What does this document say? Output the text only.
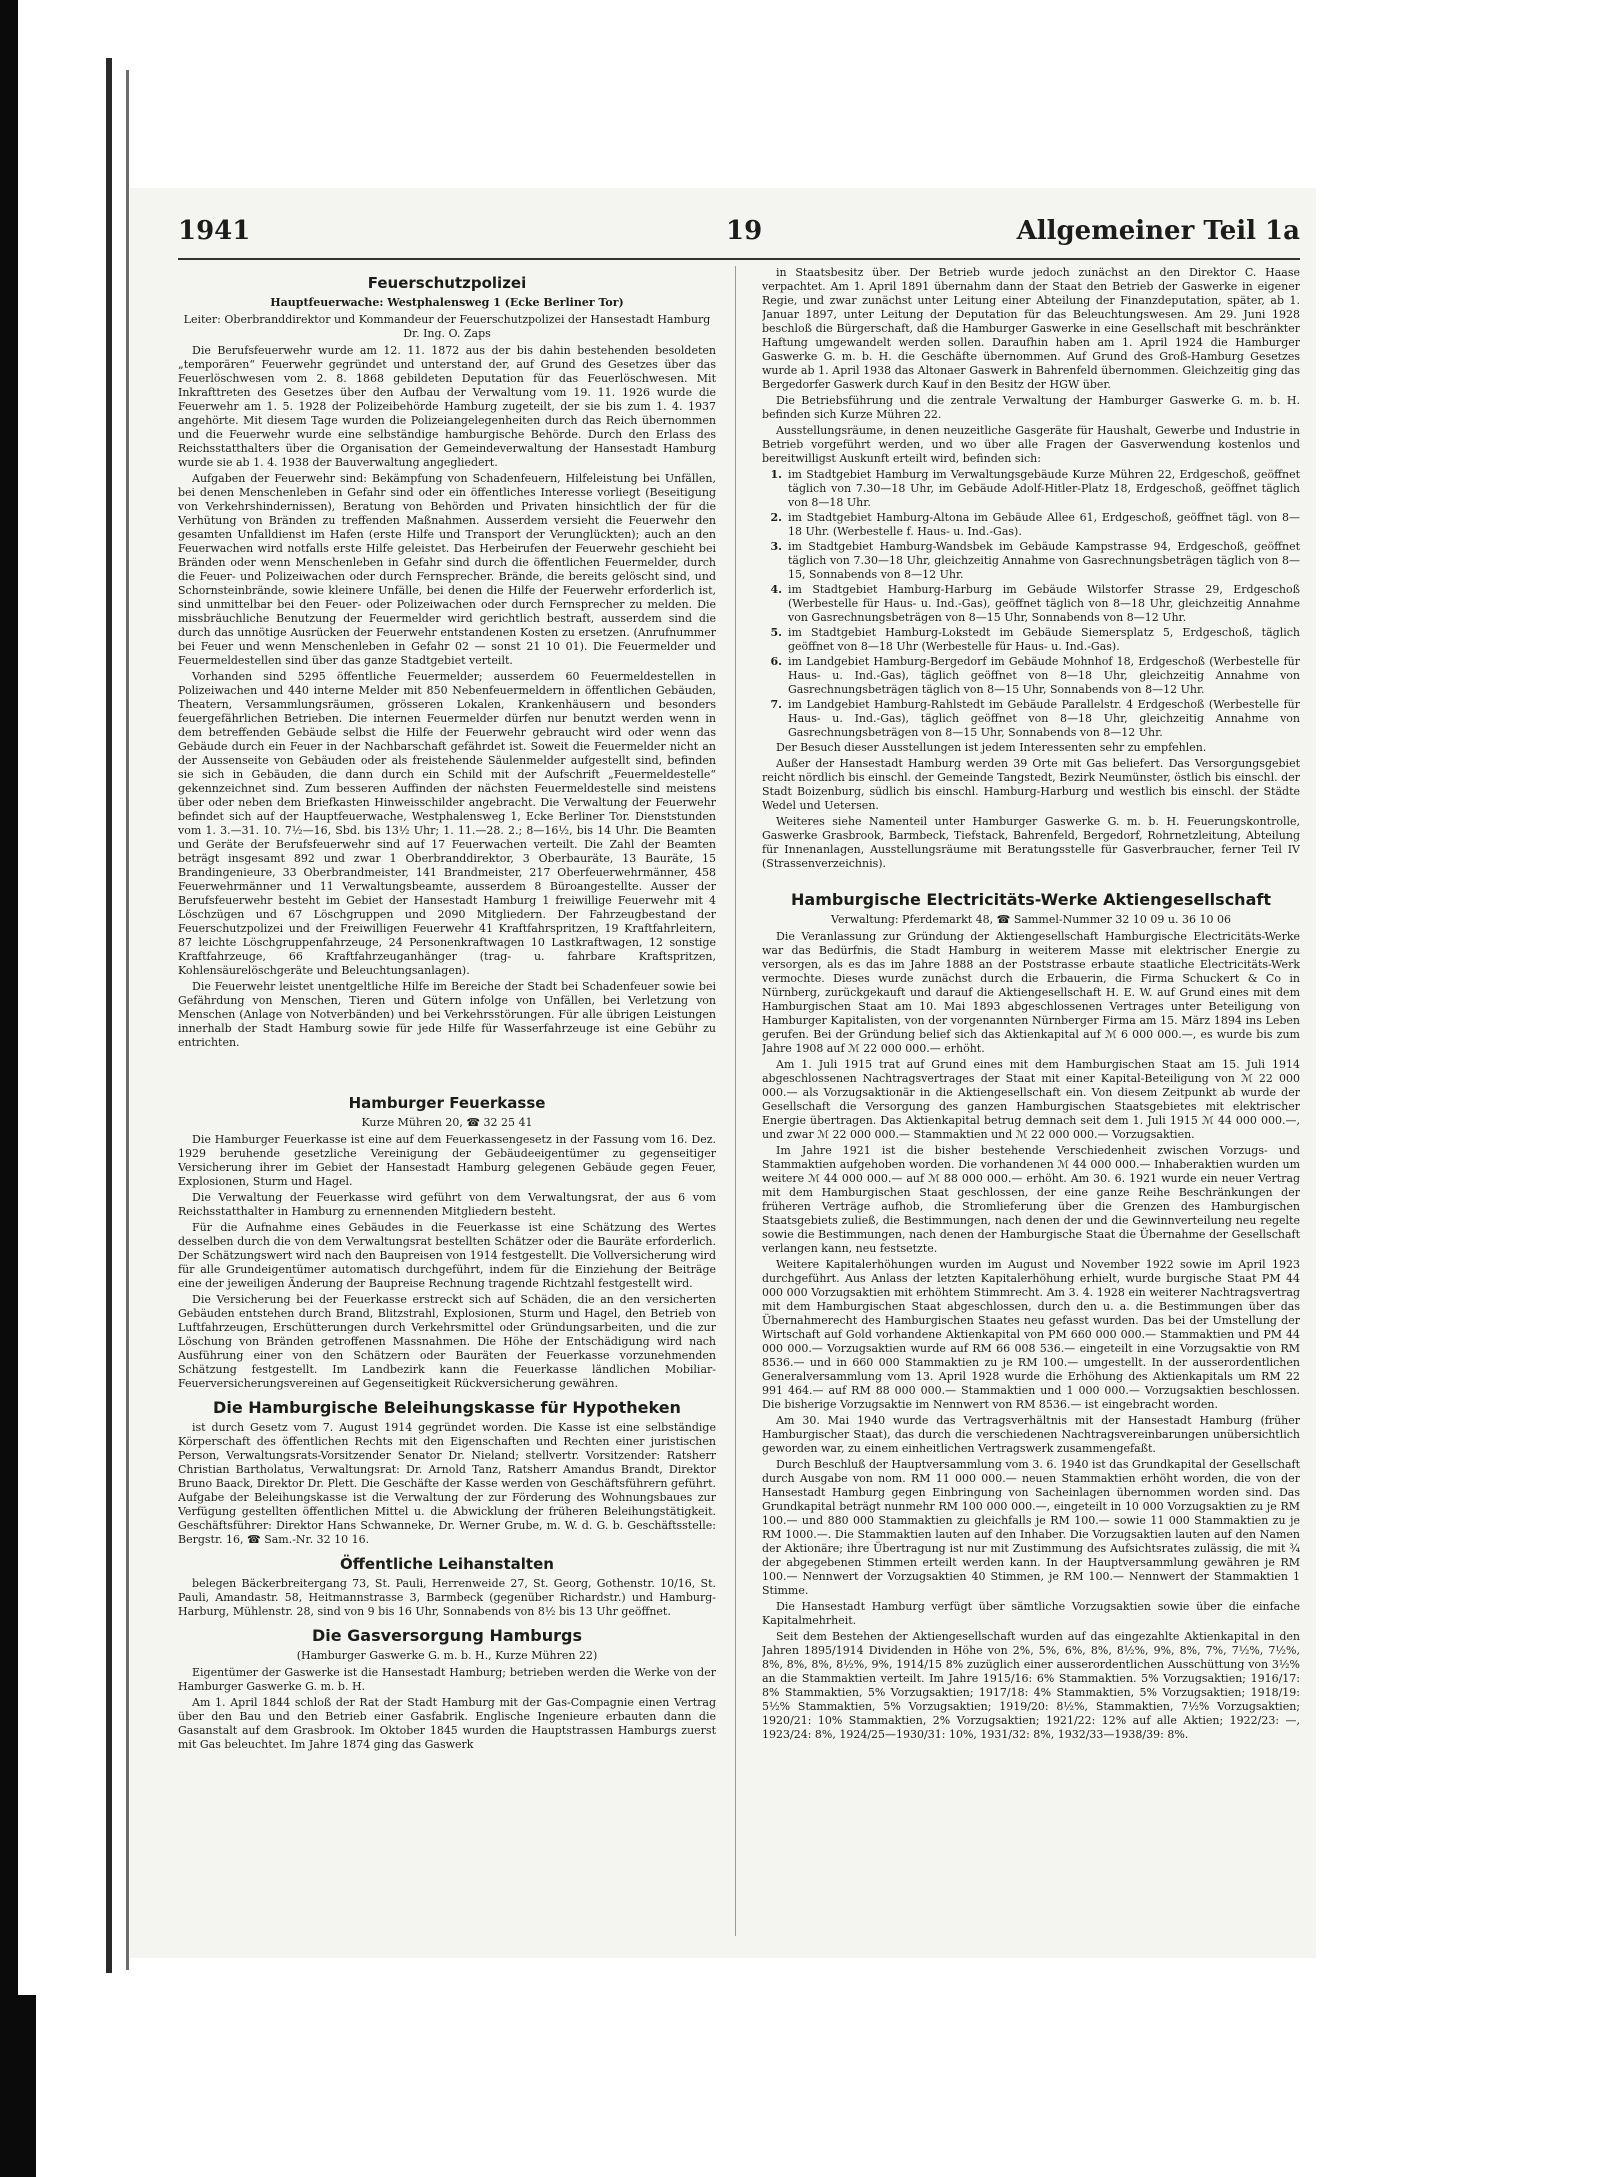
1941	19	Allgemeiner Teil 1a
Feuerschutzpolizei
Hauptfeuerwache: Westphalensweg 1 (Ecke Berliner Tor)
Leiter: Oberbranddirektor und Kommandeur der Feuerschutzpolizei der Hansestadt Hamburg Dr. Ing. O. Zaps

Die Berufsfeuerwehr wurde am 12. 11. 1872 aus der bis dahin bestehenden besoldeten „temporären“ Feuerwehr gegründet und unterstand der, auf Grund des Gesetzes über das Feuerlöschwesen vom 2. 8. 1868 gebildeten Deputation für das Feuerlöschwesen. Mit Inkrafttreten des Gesetzes über den Aufbau der Verwaltung vom 19. 11. 1926 wurde die Feuerwehr am 1. 5. 1928 der Polizeibehörde Hamburg zugeteilt, der sie bis zum 1. 4. 1937 angehörte. Mit diesem Tage wurden die Polizeiangelegenheiten durch das Reich übernommen und die Feuerwehr wurde eine selbständige hamburgische Behörde. Durch den Erlass des Reichsstatthalters über die Organisation der Gemeindeverwaltung der Hansestadt Hamburg wurde sie ab 1. 4. 1938 der Bauverwaltung angegliedert.

Aufgaben der Feuerwehr sind: Bekämpfung von Schadenfeuern, Hilfeleistung bei Unfällen, bei denen Menschenleben in Gefahr sind oder ein öffentliches Interesse vorliegt (Beseitigung von Verkehrshindernissen), Beratung von Behörden und Privaten hinsichtlich der für die Verhütung von Bränden zu treffenden Maßnahmen. Ausserdem versieht die Feuerwehr den gesamten Unfalldienst im Hafen (erste Hilfe und Transport der Verunglückten); auch an den Feuerwachen wird notfalls erste Hilfe geleistet. Das Herbeirufen der Feuerwehr geschieht bei Bränden oder wenn Menschenleben in Gefahr sind durch die öffentlichen Feuermelder, durch die Feuer- und Polizeiwachen oder durch Fernsprecher. Brände, die bereits gelöscht sind, und Schornsteinbrände, sowie kleinere Unfälle, bei denen die Hilfe der Feuerwehr erforderlich ist, sind unmittelbar bei den Feuer- oder Polizeiwachen oder durch Fernsprecher zu melden. Die missbräuchliche Benutzung der Feuermelder wird gerichtlich bestraft, ausserdem sind die durch das unnötige Ausrücken der Feuerwehr entstandenen Kosten zu ersetzen. (Anrufnummer bei Feuer und wenn Menschenleben in Gefahr 02 — sonst 21 10 01). Die Feuermelder und Feuermeldestellen sind über das ganze Stadtgebiet verteilt.

Vorhanden sind 5295 öffentliche Feuermelder; ausserdem 60 Feuermeldestellen in Polizeiwachen und 440 interne Melder mit 850 Nebenfeuermeldern in öffentlichen Gebäuden, Theatern, Versammlungsräumen, grösseren Lokalen, Krankenhäusern und besonders feuergefährlichen Betrieben. Die internen Feuermelder dürfen nur benutzt werden wenn in dem betreffenden Gebäude selbst die Hilfe der Feuerwehr gebraucht wird oder wenn das Gebäude durch ein Feuer in der Nachbarschaft gefährdet ist. Soweit die Feuermelder nicht an der Aussenseite von Gebäuden oder als freistehende Säulenmelder aufgestellt sind, befinden sie sich in Gebäuden, die dann durch ein Schild mit der Aufschrift „Feuermeldestelle“ gekennzeichnet sind. Zum besseren Auffinden der nächsten Feuermeldestelle sind meistens über oder neben dem Briefkasten Hinweisschilder angebracht. Die Verwaltung der Feuerwehr befindet sich auf der Hauptfeuerwache, Westphalensweg 1, Ecke Berliner Tor. Dienststunden vom 1. 3.—31. 10. 7½—16, Sbd. bis 13½ Uhr; 1. 11.—28. 2.; 8—16½, bis 14 Uhr. Die Beamten und Geräte der Berufsfeuerwehr sind auf 17 Feuerwachen verteilt. Die Zahl der Beamten beträgt insgesamt 892 und zwar 1 Oberbranddirektor, 3 Oberbauräte, 13 Bauräte, 15 Brandingenieure, 33 Oberbrandmeister, 141 Brandmeister, 217 Oberfeuerwehrmänner, 458 Feuerwehrmänner und 11 Verwaltungsbeamte, ausserdem 8 Büroangestellte. Ausser der Berufsfeuerwehr besteht im Gebiet der Hansestadt Hamburg 1 freiwillige Feuerwehr mit 4 Löschzügen und 67 Löschgruppen und 2090 Mitgliedern. Der Fahrzeugbestand der Feuerschutzpolizei und der Freiwilligen Feuerwehr 41 Kraftfahrspritzen, 19 Kraftfahrleitern, 87 leichte Löschgruppenfahrzeuge, 24 Personenkraftwagen 10 Lastkraftwagen, 12 sonstige Kraftfahrzeuge, 66 Kraftfahrzeuganhänger (trag- u. fahrbare Kraftspritzen, Kohlensäurelöschgeräte und Beleuchtungsanlagen).

Die Feuerwehr leistet unentgeltliche Hilfe im Bereiche der Stadt bei Schadenfeuer sowie bei Gefährdung von Menschen, Tieren und Gütern infolge von Unfällen, bei Verletzung von Menschen (Anlage von Notverbänden) und bei Verkehrsstörungen. Für alle übrigen Leistungen innerhalb der Stadt Hamburg sowie für jede Hilfe für Wasserfahrzeuge ist eine Gebühr zu entrichten.

Hamburger Feuerkasse
Kurze Mühren 20, ☎ 32 25 41

Die Hamburger Feuerkasse ist eine auf dem Feuerkassengesetz in der Fassung vom 16. Dez. 1929 beruhende gesetzliche Vereinigung der Gebäudeeigentümer zu gegenseitiger Versicherung ihrer im Gebiet der Hansestadt Hamburg gelegenen Gebäude gegen Feuer, Explosionen, Sturm und Hagel.

Die Verwaltung der Feuerkasse wird geführt von dem Verwaltungsrat, der aus 6 vom Reichsstatthalter in Hamburg zu ernennenden Mitgliedern besteht.

Für die Aufnahme eines Gebäudes in die Feuerkasse ist eine Schätzung des Wertes desselben durch die von dem Verwaltungsrat bestellten Schätzer oder die Bauräte erforderlich. Der Schätzungswert wird nach den Baupreisen von 1914 festgestellt. Die Vollversicherung wird für alle Grundeigentümer automatisch durchgeführt, indem für die Einziehung der Beiträge eine der jeweiligen Änderung der Baupreise Rechnung tragende Richtzahl festgestellt wird.

Die Versicherung bei der Feuerkasse erstreckt sich auf Schäden, die an den versicherten Gebäuden entstehen durch Brand, Blitzstrahl, Explosionen, Sturm und Hagel, den Betrieb von Luftfahrzeugen, Erschütterungen durch Verkehrsmittel oder Gründungsarbeiten, und die zur Löschung von Bränden getroffenen Massnahmen. Die Höhe der Entschädigung wird nach Ausführung einer von den Schätzern oder Bauräten der Feuerkasse vorzunehmenden Schätzung festgestellt. Im Landbezirk kann die Feuerkasse ländlichen Mobiliar-Feuerversicherungsvereinen auf Gegenseitigkeit Rückversicherung gewähren.

Die Hamburgische Beleihungskasse für Hypotheken

ist durch Gesetz vom 7. August 1914 gegründet worden. Die Kasse ist eine selbständige Körperschaft des öffentlichen Rechts mit den Eigenschaften und Rechten einer juristischen Person, Verwaltungsrats-Vorsitzender Senator Dr. Nieland; stellvertr. Vorsitzender: Ratsherr Christian Bartholatus, Verwaltungsrat: Dr. Arnold Tanz, Ratsherr Amandus Brandt, Direktor Bruno Baack, Direktor Dr. Plett. Die Geschäfte der Kasse werden von Geschäftsführern geführt. Aufgabe der Beleihungskasse ist die Verwaltung der zur Förderung des Wohnungsbaues zur Verfügung gestellten öffentlichen Mittel u. die Abwicklung der früheren Beleihungstätigkeit. Geschäftsführer: Direktor Hans Schwanneke, Dr. Werner Grube, m. W. d. G. b. Geschäftsstelle: Bergstr. 16, ☎ Sam.-Nr. 32 10 16.

Öffentliche Leihanstalten

belegen Bäckerbreitergang 73, St. Pauli, Herrenweide 27, St. Georg, Gothenstr. 10/16, St. Pauli, Amandastr. 58, Heitmannstrasse 3, Barmbeck (gegenüber Richardstr.) und Hamburg-Harburg, Mühlenstr. 28, sind von 9 bis 16 Uhr, Sonnabends von 8½ bis 13 Uhr geöffnet.

Die Gasversorgung Hamburgs
(Hamburger Gaswerke G. m. b. H., Kurze Mühren 22)

Eigentümer der Gaswerke ist die Hansestadt Hamburg; betrieben werden die Werke von der Hamburger Gaswerke G. m. b. H.

Am 1. April 1844 schloß der Rat der Stadt Hamburg mit der Gas-Compagnie einen Vertrag über den Bau und den Betrieb einer Gasfabrik. Englische Ingenieure erbauten dann die Gasanstalt auf dem Grasbrook. Im Oktober 1845 wurden die Hauptstrassen Hamburgs zuerst mit Gas beleuchtet. Im Jahre 1874 ging das Gaswerk

in Staatsbesitz über. Der Betrieb wurde jedoch zunächst an den Direktor C. Haase verpachtet. Am 1. April 1891 übernahm dann der Staat den Betrieb der Gaswerke in eigener Regie, und zwar zunächst unter Leitung einer Abteilung der Finanzdeputation, später, ab 1. Januar 1897, unter Leitung der Deputation für das Beleuchtungswesen. Am 29. Juni 1928 beschloß die Bürgerschaft, daß die Hamburger Gaswerke in eine Gesellschaft mit beschränkter Haftung umgewandelt werden sollen. Daraufhin haben am 1. April 1924 die Hamburger Gaswerke G. m. b. H. die Geschäfte übernommen. Auf Grund des Groß-Hamburg Gesetzes wurde ab 1. April 1938 das Altonaer Gaswerk in Bahrenfeld übernommen. Gleichzeitig ging das Bergedorfer Gaswerk durch Kauf in den Besitz der HGW über.

Die Betriebsführung und die zentrale Verwaltung der Hamburger Gaswerke G. m. b. H. befinden sich Kurze Mühren 22.

Ausstellungsräume, in denen neuzeitliche Gasgeräte für Haushalt, Gewerbe und Industrie in Betrieb vorgeführt werden, und wo über alle Fragen der Gasverwendung kostenlos und bereitwilligst Auskunft erteilt wird, befinden sich:

1. im Stadtgebiet Hamburg im Verwaltungsgebäude Kurze Mühren 22, Erdgeschoß, geöffnet täglich von 7.30—18 Uhr, im Gebäude Adolf-Hitler-Platz 18, Erdgeschoß, geöffnet täglich von 8—18 Uhr.
2. im Stadtgebiet Hamburg-Altona im Gebäude Allee 61, Erdgeschoß, geöffnet tägl. von 8—18 Uhr. (Werbestelle f. Haus- u. Ind.-Gas).
3. im Stadtgebiet Hamburg-Wandsbek im Gebäude Kampstrasse 94, Erdgeschoß, geöffnet täglich von 7.30—18 Uhr, gleichzeitig Annahme von Gasrechnungsbeträgen täglich von 8—15, Sonnabends von 8—12 Uhr.
4. im Stadtgebiet Hamburg-Harburg im Gebäude Wilstorfer Strasse 29, Erdgeschoß (Werbestelle für Haus- u. Ind.-Gas), geöffnet täglich von 8—18 Uhr, gleichzeitig Annahme von Gasrechnungsbeträgen von 8—15 Uhr, Sonnabends von 8—12 Uhr.
5. im Stadtgebiet Hamburg-Lokstedt im Gebäude Siemersplatz 5, Erdgeschoß, täglich geöffnet von 8—18 Uhr (Werbestelle für Haus- u. Ind.-Gas).
6. im Landgebiet Hamburg-Bergedorf im Gebäude Mohnhof 18, Erdgeschoß (Werbestelle für Haus- u. Ind.-Gas), täglich geöffnet von 8—18 Uhr, gleichzeitig Annahme von Gasrechnungsbeträgen täglich von 8—15 Uhr, Sonnabends von 8—12 Uhr.
7. im Landgebiet Hamburg-Rahlstedt im Gebäude Parallelstr. 4 Erdgeschoß (Werbestelle für Haus- u. Ind.-Gas), täglich geöffnet von 8—18 Uhr, gleichzeitig Annahme von Gasrechnungsbeträgen von 8—15 Uhr, Sonnabends von 8—12 Uhr.

Der Besuch dieser Ausstellungen ist jedem Interessenten sehr zu empfehlen.

Außer der Hansestadt Hamburg werden 39 Orte mit Gas beliefert. Das Versorgungsgebiet reicht nördlich bis einschl. der Gemeinde Tangstedt, Bezirk Neumünster, östlich bis einschl. der Stadt Boizenburg, südlich bis einschl. Hamburg-Harburg und westlich bis einschl. der Städte Wedel und Uetersen.

Weiteres siehe Namenteil unter Hamburger Gaswerke G. m. b. H. Feuerungskontrolle, Gaswerke Grasbrook, Barmbeck, Tiefstack, Bahrenfeld, Bergedorf, Rohrnetzleitung, Abteilung für Innenanlagen, Ausstellungsräume mit Beratungsstelle für Gasverbraucher, ferner Teil IV (Strassenverzeichnis).

Hamburgische Electricitäts-Werke Aktiengesellschaft
Verwaltung: Pferdemarkt 48, ☎ Sammel-Nummer 32 10 09 u. 36 10 06

Die Veranlassung zur Gründung der Aktiengesellschaft Hamburgische Electricitäts-Werke war das Bedürfnis, die Stadt Hamburg in weiterem Masse mit elektrischer Energie zu versorgen, als es das im Jahre 1888 an der Poststrasse erbaute staatliche Electricitäts-Werk vermochte. Dieses wurde zunächst durch die Erbauerin, die Firma Schuckert & Co in Nürnberg, zurückgekauft und darauf die Aktiengesellschaft H. E. W. auf Grund eines mit dem Hamburgischen Staat am 10. Mai 1893 abgeschlossenen Vertrages unter Beteiligung von Hamburger Kapitalisten, von der vorgenannten Nürnberger Firma am 15. März 1894 ins Leben gerufen. Bei der Gründung belief sich das Aktienkapital auf ℳ 6 000 000.—, es wurde bis zum Jahre 1908 auf ℳ 22 000 000.— erhöht.

Am 1. Juli 1915 trat auf Grund eines mit dem Hamburgischen Staat am 15. Juli 1914 abgeschlossenen Nachtragsvertrages der Staat mit einer Kapital-Beteiligung von ℳ 22 000 000.— als Vorzugsaktionär in die Aktiengesellschaft ein. Von diesem Zeitpunkt ab wurde der Gesellschaft die Versorgung des ganzen Hamburgischen Staatsgebietes mit elektrischer Energie übertragen. Das Aktienkapital betrug demnach seit dem 1. Juli 1915 ℳ 44 000 000.—, und zwar ℳ 22 000 000.— Stammaktien und ℳ 22 000 000.— Vorzugsaktien.

Im Jahre 1921 ist die bisher bestehende Verschiedenheit zwischen Vorzugs- und Stammaktien aufgehoben worden. Die vorhandenen ℳ 44 000 000.— Inhaberaktien wurden um weitere ℳ 44 000 000.— auf ℳ 88 000 000.— erhöht. Am 30. 6. 1921 wurde ein neuer Vertrag mit dem Hamburgischen Staat geschlossen, der eine ganze Reihe Beschränkungen der früheren Verträge aufhob, die Stromlieferung über die Grenzen des Hamburgischen Staatsgebiets zuließ, die Bestimmungen, nach denen der und die Gewinnverteilung neu regelte sowie die Bestimmungen, nach denen der Hamburgische Staat die Übernahme der Gesellschaft verlangen kann, neu festsetzte.

Weitere Kapitalerhöhungen wurden im August und November 1922 sowie im April 1923 durchgeführt. Aus Anlass der letzten Kapitalerhöhung erhielt, wurde burgische Staat PM 44 000 000 Vorzugsaktien mit erhöhtem Stimmrecht. Am 3. 4. 1928 ein weiterer Nachtragsvertrag mit dem Hamburgischen Staat abgeschlossen, durch den u. a. die Bestimmungen über das Übernahmerecht des Hamburgischen Staates neu gefasst wurden. Das bei der Umstellung der Wirtschaft auf Gold vorhandene Aktienkapital von PM 660 000 000.— Stammaktien und PM 44 000 000.— Vorzugsaktien wurde auf RM 66 008 536.— eingeteilt in eine Vorzugsaktie von RM 8536.— und in 660 000 Stammaktien zu je RM 100.— umgestellt. In der ausserordentlichen Generalversammlung vom 13. April 1928 wurde die Erhöhung des Aktienkapitals um RM 22 991 464.— auf RM 88 000 000.— Stammaktien und 1 000 000.— Vorzugsaktien beschlossen. Die bisherige Vorzugsaktie im Nennwert von RM 8536.— ist eingebracht worden.

Am 30. Mai 1940 wurde das Vertragsverhältnis mit der Hansestadt Hamburg (früher Hamburgischer Staat), das durch die verschiedenen Nachtragsvereinbarungen unübersichtlich geworden war, zu einem einheitlichen Vertragswerk zusammengefaßt.

Durch Beschluß der Hauptversammlung vom 3. 6. 1940 ist das Grundkapital der Gesellschaft durch Ausgabe von nom. RM 11 000 000.— neuen Stammaktien erhöht worden, die von der Hansestadt Hamburg gegen Einbringung von Sacheinlagen übernommen worden sind. Das Grundkapital beträgt nunmehr RM 100 000 000.—, eingeteilt in 10 000 Vorzugsaktien zu je RM 100.— und 880 000 Stammaktien zu gleichfalls je RM 100.— sowie 11 000 Stammaktien zu je RM 1000.—. Die Stammaktien lauten auf den Inhaber. Die Vorzugsaktien lauten auf den Namen der Aktionäre; ihre Übertragung ist nur mit Zustimmung des Aufsichtsrates zulässig, die mit ¾ der abgegebenen Stimmen erteilt werden kann. In der Hauptversammlung gewähren je RM 100.— Nennwert der Vorzugsaktien 40 Stimmen, je RM 100.— Nennwert der Stammaktien 1 Stimme.

Die Hansestadt Hamburg verfügt über sämtliche Vorzugsaktien sowie über die einfache Kapitalmehrheit.

Seit dem Bestehen der Aktiengesellschaft wurden auf das eingezahlte Aktienkapital in den Jahren 1895/1914 Dividenden in Höhe von 2%, 5%, 6%, 8%, 8½%, 9%, 8%, 7%, 7½%, 7½%, 8%, 8%, 8%, 8½%, 9%, 1914/15 8% zuzüglich einer ausserordentlichen Ausschüttung von 3½% an die Stammaktien verteilt. Im Jahre 1915/16: 6% Stammaktien. 5% Vorzugsaktien; 1916/17: 8% Stammaktien, 5% Vorzugsaktien; 1917/18: 4% Stammaktien, 5% Vorzugsaktien; 1918/19: 5½% Stammaktien, 5% Vorzugsaktien; 1919/20: 8½%, Stammaktien, 7½% Vorzugsaktien; 1920/21: 10% Stammaktien, 2% Vorzugsaktien; 1921/22: 12% auf alle Aktien; 1922/23: —, 1923/24: 8%, 1924/25—1930/31: 10%, 1931/32: 8%, 1932/33—1938/39: 8%.
